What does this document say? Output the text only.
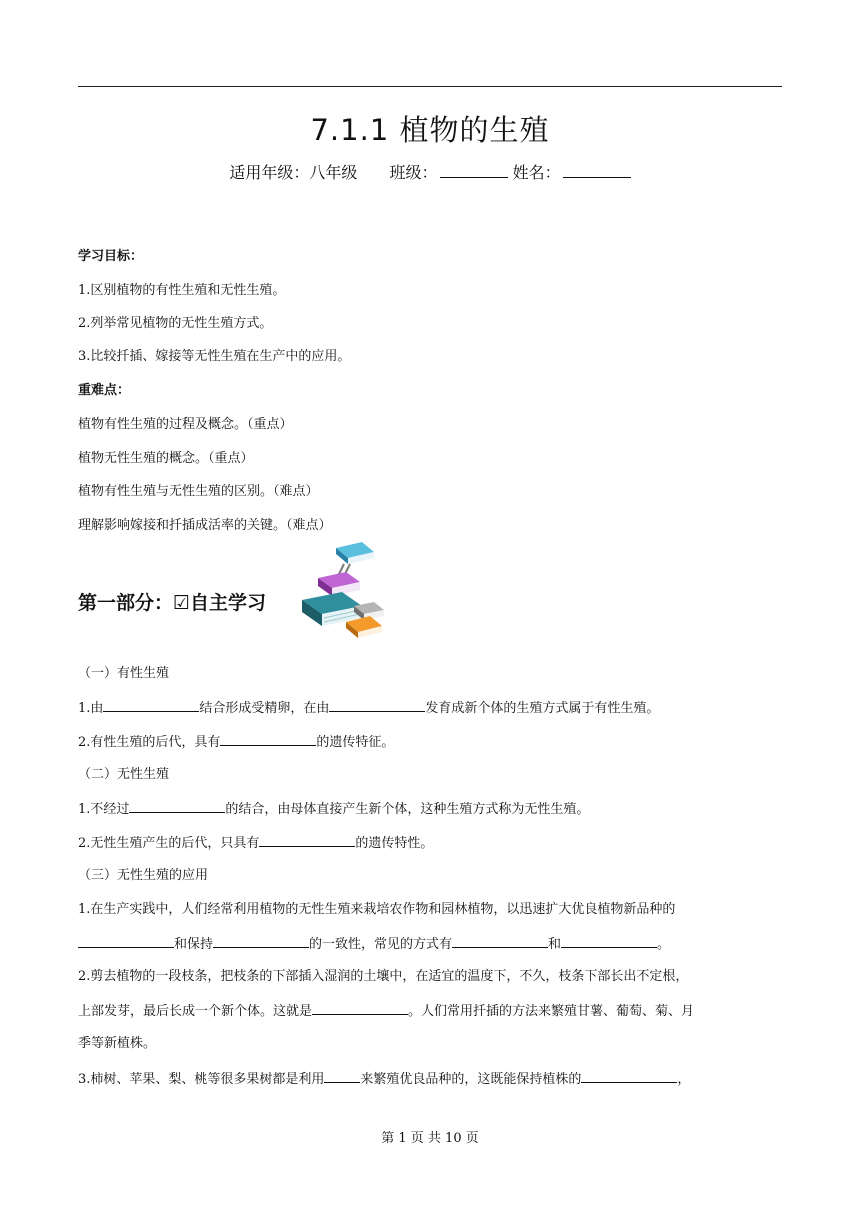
7.1.1 植物的生殖
适用年级：八年级 班级：	姓名：
学习目标：
1.区别植物的有性生殖和无性生殖。
2.列举常见植物的无性生殖方式。
3.比较扦插、嫁接等无性生殖在生产中的应用。
重难点：
植物有性生殖的过程及概念。（重点）
植物无性生殖的概念。（重点）
植物有性生殖与无性生殖的区别。（难点）
理解影响嫁接和扦插成活率的关键。（难点）
第一部分：☑自主学习
（一）有性生殖
1.由	结合形成受精卵，在由	发育成新个体的生殖方式属于有性生殖。
2.有性生殖的后代，具有	的遗传特征。
（二）无性生殖
1.不经过	的结合，由母体直接产生新个体，这种生殖方式称为无性生殖。
2.无性生殖产生的后代，只具有	的遗传特性。
（三）无性生殖的应用
1.在生产实践中，人们经常利用植物的无性生殖来栽培农作物和园林植物，以迅速扩大优良植物新品种的
和保持	的一致性，常见的方式有	和	。
2.剪去植物的一段枝条，把枝条的下部插入湿润的土壤中，在适宜的温度下，不久，枝条下部长出不定根，
上部发芽，最后长成一个新个体。这就是	。人们常用扦插的方法来繁殖甘薯、葡萄、菊、月
季等新植株。
3.柿树、苹果、梨、桃等很多果树都是利用	来繁殖优良品种的，这既能保持植株的	，
第 1 页 共 10 页
